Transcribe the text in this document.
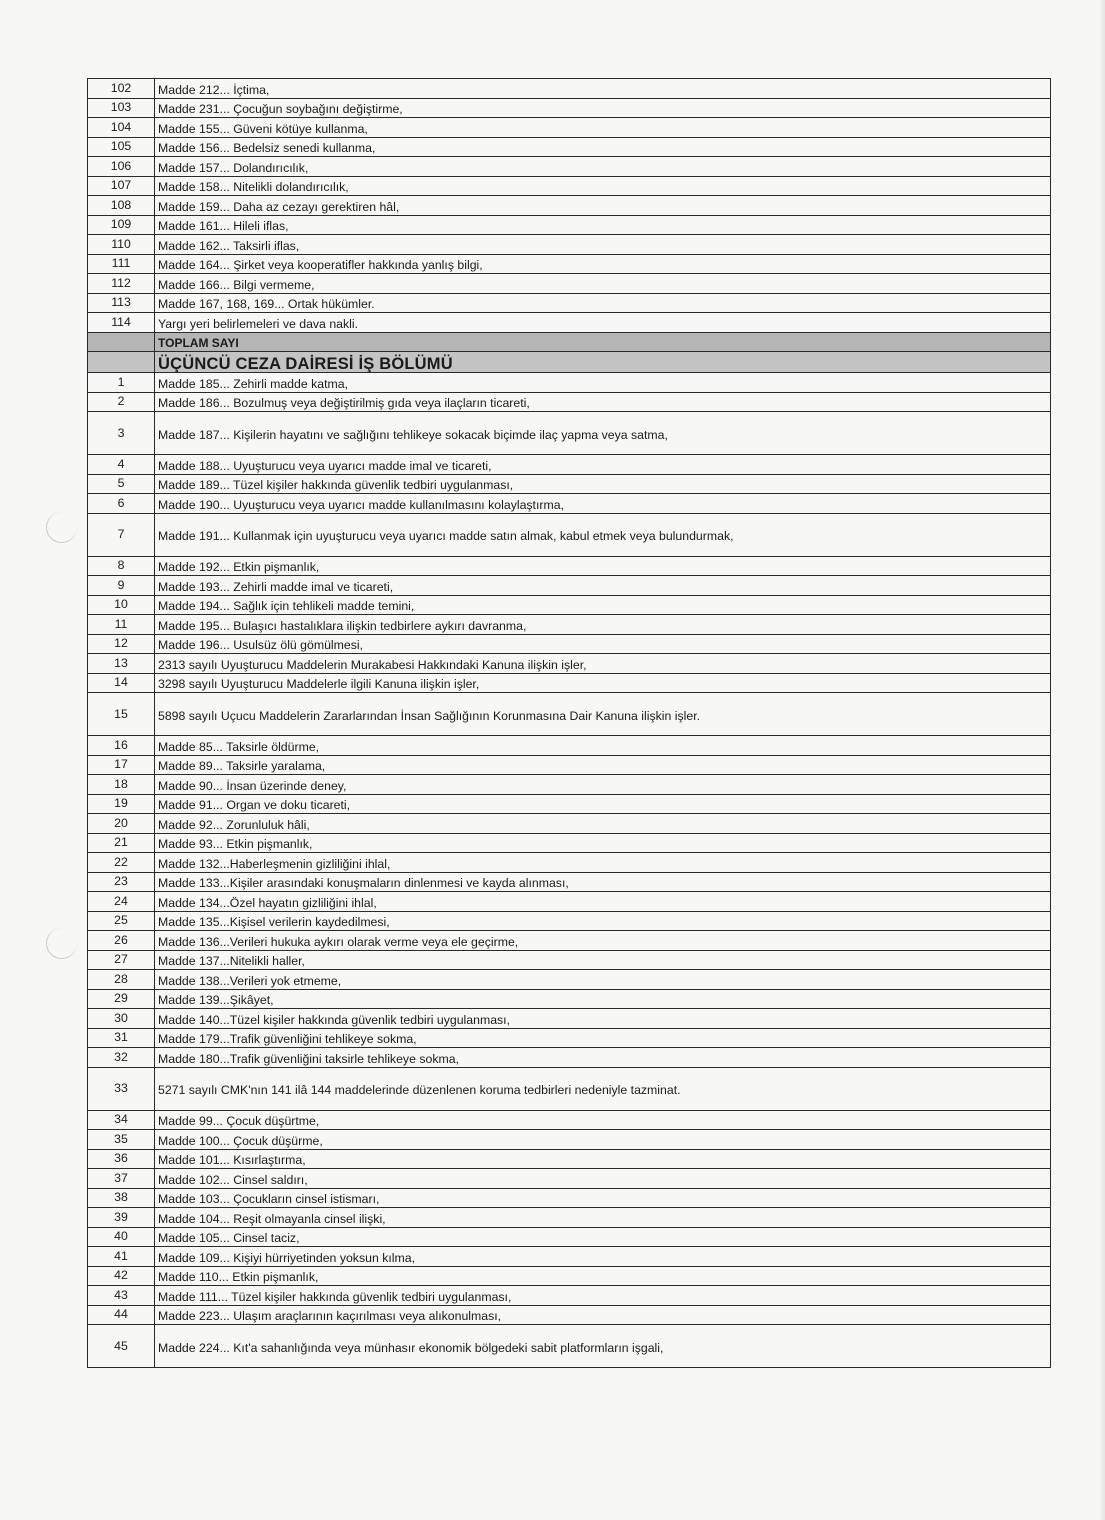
102	Madde 212... İçtima,
103	Madde 231... Çocuğun soybağını değiştirme,
104	Madde 155... Güveni kötüye kullanma,
105	Madde 156... Bedelsiz senedi kullanma,
106	Madde 157... Dolandırıcılık,
107	Madde 158... Nitelikli dolandırıcılık,
108	Madde 159... Daha az cezayı gerektiren hâl,
109	Madde 161... Hileli iflas,
110	Madde 162... Taksirli iflas,
111	Madde 164... Şirket veya kooperatifler hakkında yanlış bilgi,
112	Madde 166... Bilgi vermeme,
113	Madde 167, 168, 169... Ortak hükümler.
114	Yargı yeri belirlemeleri ve dava nakli.
	TOPLAM SAYI
	ÜÇÜNCÜ CEZA DAİRESİ İŞ BÖLÜMÜ
1	Madde 185... Zehirli madde katma,
2	Madde 186... Bozulmuş veya değiştirilmiş gıda veya ilaçların ticareti,
3	Madde 187... Kişilerin hayatını ve sağlığını tehlikeye sokacak biçimde ilaç yapma veya satma,
4	Madde 188... Uyuşturucu veya uyarıcı madde imal ve ticareti,
5	Madde 189... Tüzel kişiler hakkında güvenlik tedbiri uygulanması,
6	Madde 190... Uyuşturucu veya uyarıcı madde kullanılmasını kolaylaştırma,
7	Madde 191... Kullanmak için uyuşturucu veya uyarıcı madde satın almak, kabul etmek veya bulundurmak,
8	Madde 192... Etkin pişmanlık,
9	Madde 193... Zehirli madde imal ve ticareti,
10	Madde 194... Sağlık için tehlikeli madde temini,
11	Madde 195... Bulaşıcı hastalıklara ilişkin tedbirlere aykırı davranma,
12	Madde 196... Usulsüz ölü gömülmesi,
13	2313 sayılı Uyuşturucu Maddelerin Murakabesi Hakkındaki Kanuna ilişkin işler,
14	3298 sayılı Uyuşturucu Maddelerle ilgili Kanuna ilişkin işler,
15	5898 sayılı Uçucu Maddelerin Zararlarından İnsan Sağlığının Korunmasına Dair Kanuna ilişkin işler.
16	Madde 85... Taksirle öldürme,
17	Madde 89... Taksirle yaralama,
18	Madde 90... İnsan üzerinde deney,
19	Madde 91... Organ ve doku ticareti,
20	Madde 92... Zorunluluk hâli,
21	Madde 93... Etkin pişmanlık,
22	Madde 132...Haberleşmenin gizliliğini ihlal,
23	Madde 133...Kişiler arasındaki konuşmaların dinlenmesi ve kayda alınması,
24	Madde 134...Özel hayatın gizliliğini ihlal,
25	Madde 135...Kişisel verilerin kaydedilmesi,
26	Madde 136...Verileri hukuka aykırı olarak verme veya ele geçirme,
27	Madde 137...Nitelikli haller,
28	Madde 138...Verileri yok etmeme,
29	Madde 139...Şikâyet,
30	Madde 140...Tüzel kişiler hakkında güvenlik tedbiri uygulanması,
31	Madde 179...Trafik güvenliğini tehlikeye sokma,
32	Madde 180...Trafik güvenliğini taksirle tehlikeye sokma,
33	5271 sayılı CMK'nın 141 ilâ 144 maddelerinde düzenlenen koruma tedbirleri nedeniyle tazminat.
34	Madde 99... Çocuk düşürtme,
35	Madde 100... Çocuk düşürme,
36	Madde 101... Kısırlaştırma,
37	Madde 102... Cinsel saldırı,
38	Madde 103... Çocukların cinsel istismarı,
39	Madde 104... Reşit olmayanla cinsel ilişki,
40	Madde 105... Cinsel taciz,
41	Madde 109... Kişiyi hürriyetinden yoksun kılma,
42	Madde 110... Etkin pişmanlık,
43	Madde 111... Tüzel kişiler hakkında güvenlik tedbiri uygulanması,
44	Madde 223... Ulaşım araçlarının kaçırılması veya alıkonulması,
45	Madde 224... Kıt'a sahanlığında veya münhasır ekonomik bölgedeki sabit platformların işgali,
